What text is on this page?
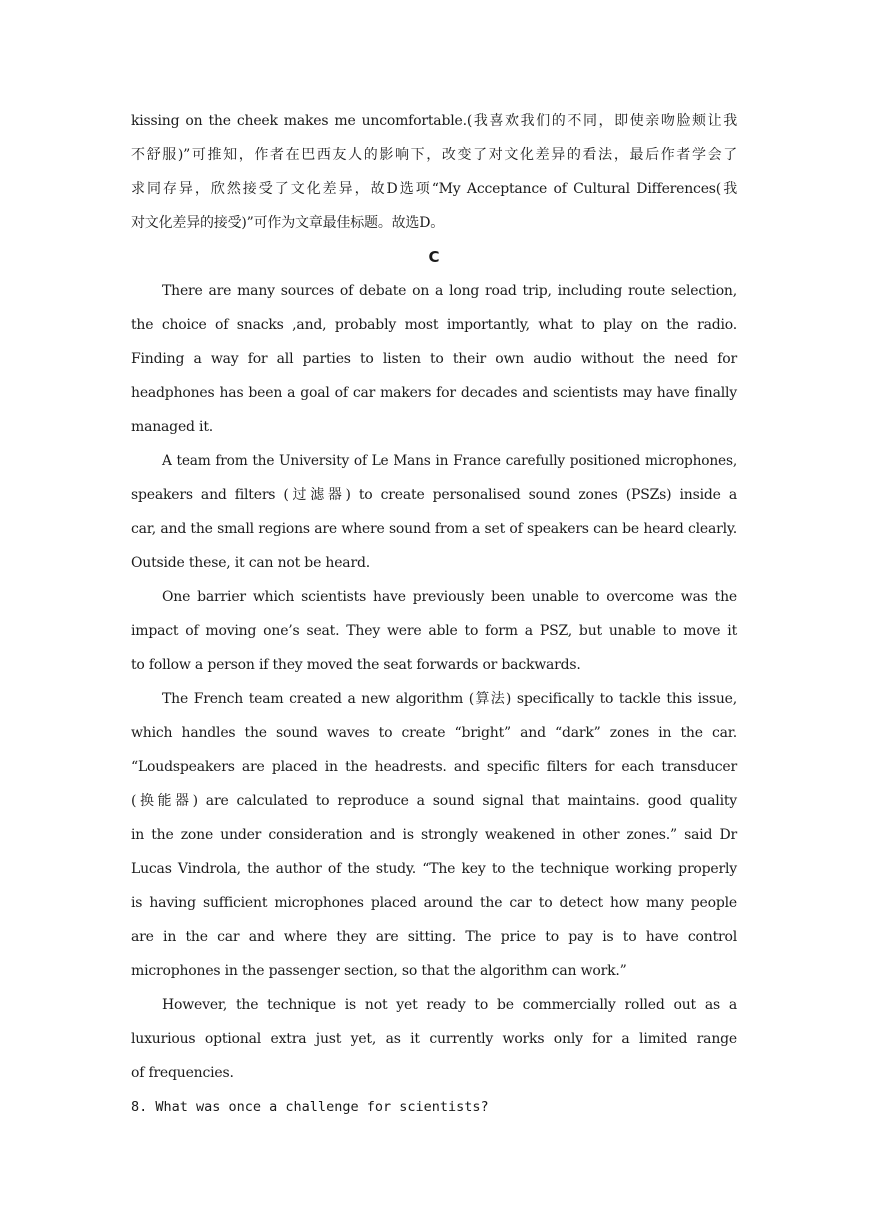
kissing on the cheek makes me uncomfortable.(我喜欢我们的不同，即使亲吻脸颊让我
不舒服)”可推知，作者在巴西友人的影响下，改变了对文化差异的看法，最后作者学会了
求同存异，欣然接受了文化差异，故D选项“My Acceptance of Cultural Differences(我
对文化差异的接受)”可作为文章最佳标题。故选D。
C
There are many sources of debate on a long road trip, including route selection,
the choice of snacks ,and, probably most importantly, what to play on the radio.
Finding a way for all parties to listen to their own audio without the need for
headphones has been a goal of car makers for decades and scientists may have finally
managed it.
A team from the University of Le Mans in France carefully positioned microphones,
speakers and filters (过滤器) to create personalised sound zones (PSZs) inside a
car, and the small regions are where sound from a set of speakers can be heard clearly.
Outside these, it can not be heard.
One barrier which scientists have previously been unable to overcome was the
impact of moving one’s seat. They were able to form a PSZ, but unable to move it
to follow a person if they moved the seat forwards or backwards.
The French team created a new algorithm (算法) specifically to tackle this issue,
which handles the sound waves to create “bright” and “dark” zones in the car.
“Loudspeakers are placed in the headrests. and specific filters for each transducer
(换能器) are calculated to reproduce a sound signal that maintains. good quality
in the zone under consideration and is strongly weakened in other zones.” said Dr
Lucas Vindrola, the author of the study. “The key to the technique working properly
is having sufficient microphones placed around the car to detect how many people
are in the car and where they are sitting. The price to pay is to have control
microphones in the passenger section, so that the algorithm can work.”
However, the technique is not yet ready to be commercially rolled out as a
luxurious optional extra just yet, as it currently works only for a limited range
of frequencies.
8. What was once a challenge for scientists?
